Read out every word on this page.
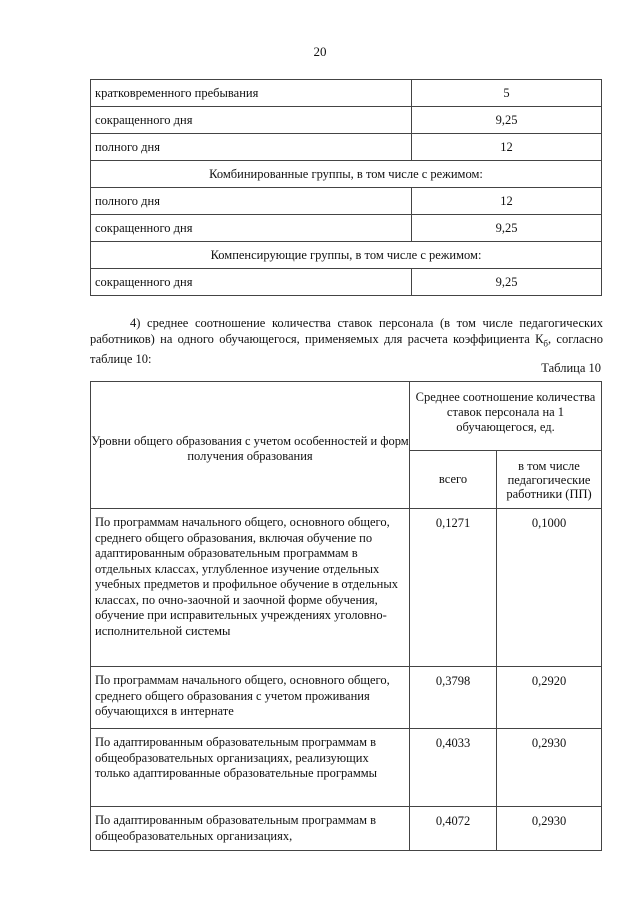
20
кратковременного пребывания	5
сокращенного дня	9,25
полного дня	12
Комбинированные группы, в том числе с режимом:	
полного дня	12
сокращенного дня	9,25
Компенсирующие группы, в том числе с режимом:	
сокращенного дня	9,25
4) среднее соотношение количества ставок персонала (в том числе педагогических работников) на одного обучающегося, применяемых для расчета коэффициента $К_б$, согласно таблице 10:
Таблица 10
Уровни общего образования с учетом особенностей и форм получения образования	Среднее соотношение количества ставок персонала на 1 обучающегося, ед.	
	всего	в том числе педагогические работники (ПП)
По программам начального общего, основного общего, среднего общего образования, включая обучение по адаптированным образовательным программам в отдельных классах, углубленное изучение отдельных учебных предметов и профильное обучение в отдельных классах, по очно-заочной и заочной форме обучения, обучение при исправительных учреждениях уголовно-исполнительной системы	0,1271	0,1000
По программам начального общего, основного общего, среднего общего образования с учетом проживания обучающихся в интернате	0,3798	0,2920
По адаптированным образовательным программам в общеобразовательных организациях, реализующих только адаптированные образовательные программы	0,4033	0,2930
По адаптированным образовательным программам в общеобразовательных организациях,	0,4072	0,2930
